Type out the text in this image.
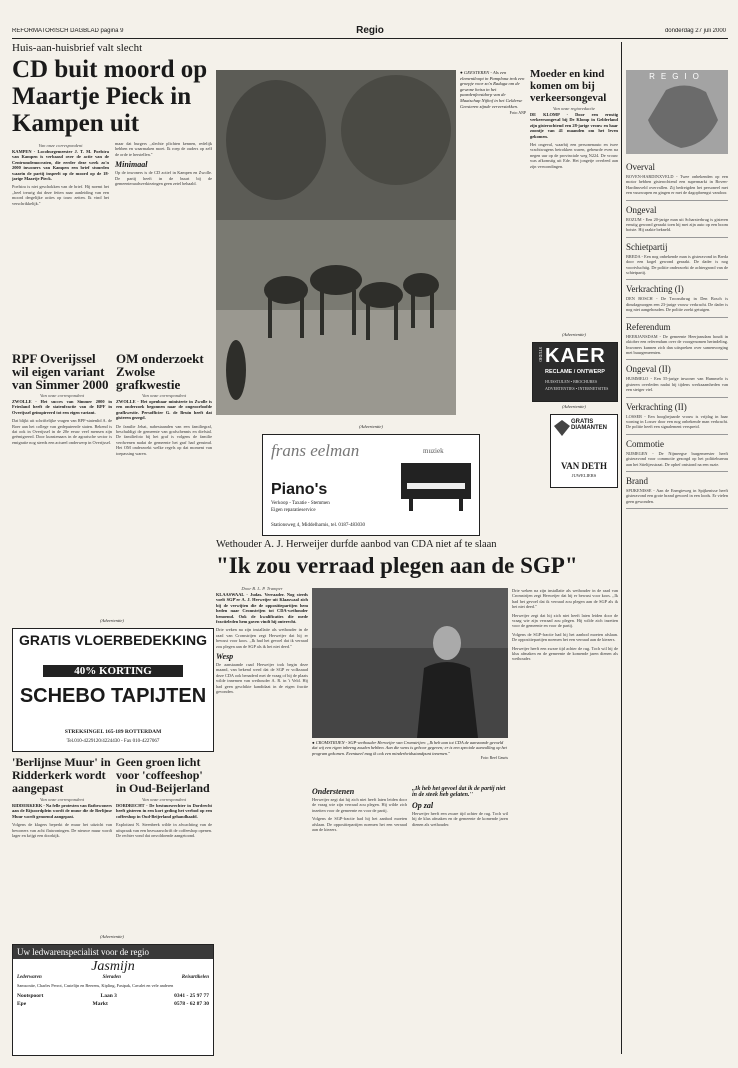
REFORMATORISCH DAGBLAD pagina 9	Regio	donderdag 27 juli 2000
Huis-aan-huisbrief valt slecht
CD buit moord op Maartje Pieck in Kampen uit
Van onze correspondent
KAMPEN - Locoburgemeester J. T. M. Poelstra van Kampen is verbaasd over de actie van de Centrumdemocraten, die eerder deze week zo'n 2000 inwoners van Kampen een brief stuurden waarin de partij inspeelt op de moord op de 18-jarige Maartje Pieck.
Poelstra is niet geschokken van de brief. Hij noemt het ,,heel treurig dat deze feiten naar aanleiding van een moord dergelijke acties op touw zetten. Ik vind het verschrikkelijk.''
maar dat burgers ,,slechte plichten kennen, redelijk hebben en waarmaken moet. Ik roep de ouders op zelf de orde te herstellen.''
Minimaal
Op de inwoners is de CD actief in Kampen en Zwolle. De partij heeft in de buurt bij de gemeenteraadsverkiezingen geen zetel behaald.
● GEESTEREN - Als een elementloopt in Pamplona trok een groepje voor zo'n Raduga om de gewone heisa in het paardenfeestdorp van de Maatschap Nijhof in het Gelderse Geesteren zijnde ververstekken.
Foto: ANP
RPF Overijssel wil eigen variant van Simmer 2000
Van onze correspondent
ZWOLLE - Het succes van Simmer 2000 in Friesland heeft de statenfractie van de RPF in Overijssel geïnspireerd tot een eigen variant.
Dat blijkt uit schriftelijke vragen van RPF-statenlid A. de Boer aan het college van gedeputeerde staten. Bekend is dat ook in Overijssel in de 20e eeuw veel mensen zijn geëmigreerd. Door kunstenaars in de agrarische sector is emigratie nog steeds een actueel onderwerp in Overijssel.
OM onderzoekt Zwolse grafkwestie
Van onze correspondent
ZWOLLE - Het openbaar ministerie in Zwolle is een onderzoek begonnen naar de ongeoorloofde grafkwestie. Persofficier G. de Bruin heeft dat gisteren gezegd.
De familie Jehat, nabestaanden van een familiegraf, beschuldigt de gemeente van grafschennis en diefstal. De familiefoto bij het graf is volgens de familie verdwenen nadat de gemeente het graf had geruimd. Het OM onderzoekt welke regels op dat moment van toepassing waren.
(Advertentie)
frans eelman	muziek
Piano's
Verkoop - Taxatie - Stemmen
Eigen reparatieservice
Stationsweg 4, Middelharnis, tel. 0187-483030
Moeder en kind komen om bij verkeersongeval
Van onze regioredactie
DE KLOMP - Door een ernstig verkeersongeval bij De Klomp in Gelderland zijn gisterochtend een 28-jarige vrouw en haar zoontje van 41 maanden om het leven gekomen.
Het ongeval, waarbij een personenauto en twee vrachtwagens betrokken waren, gebeurde even na negen uur op de provinciale weg N224. De vrouw was afkomstig uit Ede. Het jongetje overleed aan zijn verwondingen.
(Advertentie)
STUDIO KAER
RECLAME / ONTWERP
HUISSTIJLEN • BROCHURES
ADVERTENTIES • INTERNETSITES
(Advertentie)
GRATIS DIAMANTEN
VAN DETH
JUWELIERS
Wethouder A. J. Herweijer durfde aanbod van CDA niet af te slaan
"Ik zou verraad plegen aan de SGP"
Door B. L. P. Tramper
KLAASWAAL - Judas. Verraader. Nog steeds voelt SGP'er A. J. Herweijer uit Klaaswaal zich bij de verwijten die de oppositiepartijen hem heden naar Cromstrijen tot CDA-wethouder benoemd. Ook de kwalificaties die mede fractieleden hem gaven vindt hij onterecht.
Drie weken na zijn installatie als wethouder in de raad van Cromstrijen zegt Herweijer dat hij er bewust voor koos. ,,Ik had het gevoel dat ik verraad zou plegen aan de SGP als ik het niet deed.''
Wesp
De aanstaande raad Herweijer trok begin deze maand, van bekend werd dat de SGP er volksraad deze CDA ook benaderd met de vraag of hij de plaats wilde innemen van wethouder A. R. in 't Veld. Hij had geen geschikte kandidaat in de eigen fractie gevonden.
● CROMSTRIJEN - SGP-wethouder Herweijer van Cromstrijen: ,,Ik heb aan tot CDA de aanvaarde gevoeld dat wij een rigen inbreng zouden hebben. Aan die wens is gehoor gegeven; er is een speciale aanvulling op het program gekomen. Eventueel mag ik ook een minderheidsstandpunt innemen.''
Foto: Reef Geurts
Onderstenen
Herweijer zegt dat hij zich niet heeft laten leiden door de vraag wie zijn verraad zou plegen. Hij wilde zich inzetten voor de gemeente en voor de partij.
Volgens de SGP-fractie had hij het aanbod moeten afslaan. De oppositiepartijen noemen het een verraad aan de kiezers.
,,Ik heb het gevoel dat ik de partij niet in de steek heb gelaten.''
Op zal
Herweijer heeft een zware tijd achter de rug. Toch wil hij de klus afmaken en de gemeente de komende jaren dienen als wethouder.
Drie weken na zijn installatie als wethouder in de raad van Cromstrijen zegt Herweijer dat hij er bewust voor koos. ,,Ik had het gevoel dat ik verraad zou plegen aan de SGP als ik het niet deed.''
Herweijer zegt dat hij zich niet heeft laten leiden door de vraag wie zijn verraad zou plegen. Hij wilde zich inzetten voor de gemeente en voor de partij.
Volgens de SGP-fractie had hij het aanbod moeten afslaan. De oppositiepartijen noemen het een verraad aan de kiezers.
Herweijer heeft een zware tijd achter de rug. Toch wil hij de klus afmaken en de gemeente de komende jaren dienen als wethouder.
(Advertentie)
GRATIS VLOERBEDEKKING
40% KORTING
SCHEBO TAPIJTEN
STREKSINGEL 165-189 ROTTERDAM
Tel.010-4229120/4224430 - Fax 010-4227067
'Berlijnse Muur' in Ridderkerk wordt aangepast
Van onze correspondent
RIDDERKERK - Na felle protesten van flatbewoners aan de Rijsoordplein wordt de muur die de Berlijnse Muur wordt genoemd aangepast.
Volgens de klagers beperkt de muur het uitzicht van bewoners van acht flatwoningen. De nieuwe muur wordt lager en krijgt een doorkijk.
Geen groen licht voor 'coffeeshop' in Oud-Beijerland
Van onze correspondent
DORDRECHT - De bestuursrechter in Dordrecht heeft gisteren in een kort geding het verbod op een coffeeshop in Oud-Beijerland gehandhaafd.
Exploitant N. Steenbeek wilde in afwachting van de uitspraak van een bezwaarschrift de coffeeshop openen. De rechter vond dat onvoldoende aangetoond.
(Advertentie)
Uw ledwarenspecialist voor de regio
Jasmijn
Lederwaren	Sieraden	Reisartikelen
Samsonite, Charles Perrot, Castelijn en Beerens, Kipling, Fastpak, Cavalet en vele anderen
Nootspoort	Laan 3	0341 - 25 97 77
Epe	Markt	0578 - 62 87 30
REGIO
Overval
BOVEN-HARDINXVELD - Twee onbekenden op een motor hebben gisterochtend een supermarkt in Boven-Hardinxveld overvallen. Zij bedreigden het personeel met een vuurwapen en gingen er met de dagopbrengst vandoor.
Ongeval
ROZUM - Een 20-jarige man uit Scharsterbrug is gisteren ernstig gewond geraakt toen hij met zijn auto op een boom botste. Hij raakte bekneld.
Schietpartij
BREDA - Een nog onbekende man is gisteravond in Breda door een kogel gewond geraakt. De dader is nog voortvluchtig. De politie onderzoekt de achtergrond van de schietpartij.
Verkrachting (I)
DEN BOSCH - De Troosstbrug in Den Bosch is dinsdagmorgen een 23-jarige vrouw verkracht. De dader is nog niet aangehouden. De politie zoekt getuigen.
Referendum
HEERJANSDAM - De gemeente Heerjansdam houdt in oktober een referendum over de voorgenomen herindeling. Inwoners kunnen zich dan uitspreken over samenvoeging met buurgemeenten.
Ongeval (II)
HUMMELO - Een 55-jarige inwoner van Hummelo is gisteren overleden nadat hij tijdens werkzaamheden van een steiger viel.
Verkrachting (II)
LOSSER - Een hoogbejaarde vrouw is vrijdag in haar woning in Losser door een nog onbekende man verkracht. De politie heeft een signalement verspreid.
Commotie
NIJMEGEN - De Nijmeegse burgemeester heeft gisteravond voor commotie gezorgd op het politiebureau aan het Stieltjesstraat. De ophef ontstond na een ruzie.
Brand
SPIJKENISSE - Aan de Energieweg in Spijkenisse heeft gisteravond een grote brand gewoed in een loods. Er vielen geen gewonden.
